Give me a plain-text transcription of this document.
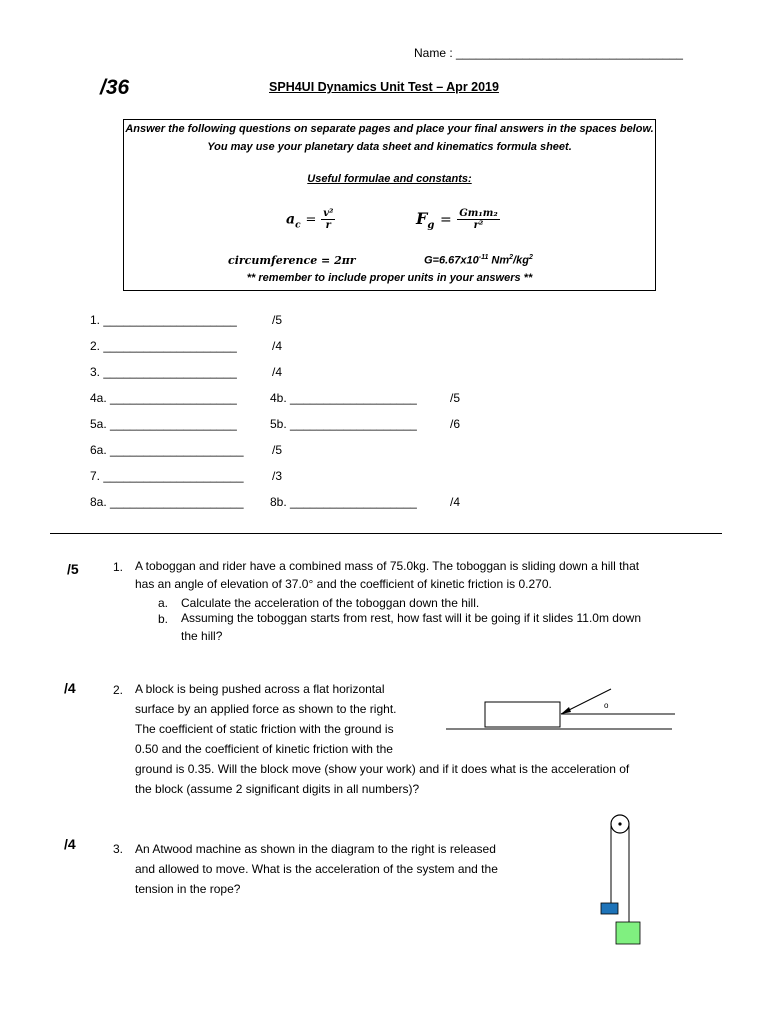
Name : __________________________________
/36	SPH4UI Dynamics Unit Test – Apr 2019
Answer the following questions on separate pages and place your final answers in the spaces below.
You may use your planetary data sheet and kinematics formula sheet.
Useful formulae and constants:
$a_c = \frac{\text{v²}}{r}$	$F_g = \frac{\text{Gm₁m₂}}{\text{r²}}$
circumference = 2πr	$G=6.67x10^{-11}$ $Nm^2/kg^2$
** remember to include proper units in your answers **
1. ____________________	/5
2. ____________________	/4
3. ____________________	/4
4a. ___________________	4b. ___________________	/5
5a. ___________________	5b. ___________________	/6
6a. ____________________ /5
7. _____________________ /3
8a. ____________________ 8b. ___________________	/4
/5	1. A toboggan and rider have a combined mass of 75.0kg. The toboggan is sliding down a hill that
has an angle of elevation of 37.0° and the coefficient of kinetic friction is 0.270.
a. Calculate the acceleration of the toboggan down the hill.
b. Assuming the toboggan starts from rest, how fast will it be going if it slides 11.0m down
the hill?
/4	2. A block is being pushed across a flat horizontal
surface by an applied force as shown to the right.
The coefficient of static friction with the ground is
0.50 and the coefficient of kinetic friction with the
ground is 0.35. Will the block move (show your work) and if it does what is the acceleration of
the block (assume 2 significant digits in all numbers)?
o
/4	3. An Atwood machine as shown in the diagram to the right is released
and allowed to move. What is the acceleration of the system and the
tension in the rope?
